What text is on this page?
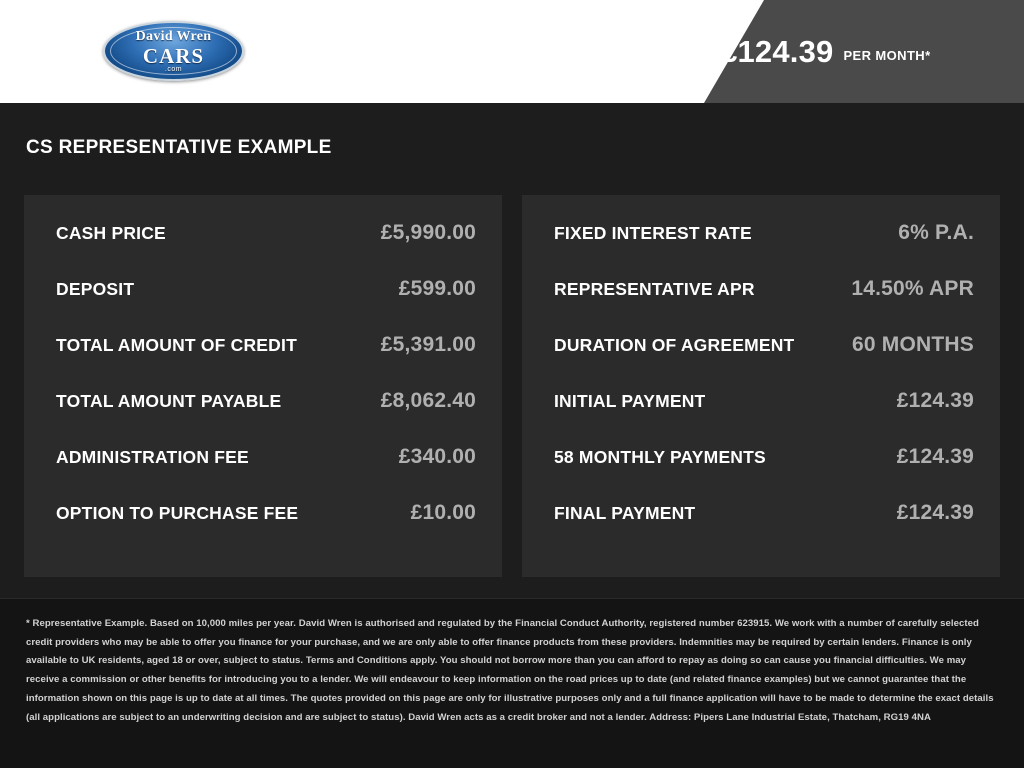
David Wren
CARS
.com
£124.39 PER MONTH*
CS REPRESENTATIVE EXAMPLE
CASH PRICE	£5,990.00
DEPOSIT	£599.00
TOTAL AMOUNT OF CREDIT	£5,391.00
TOTAL AMOUNT PAYABLE	£8,062.40
ADMINISTRATION FEE	£340.00
OPTION TO PURCHASE FEE	£10.00
FIXED INTEREST RATE	6% P.A.
REPRESENTATIVE APR	14.50% APR
DURATION OF AGREEMENT	60 MONTHS
INITIAL PAYMENT	£124.39
58 MONTHLY PAYMENTS	£124.39
FINAL PAYMENT	£124.39

* Representative Example. Based on 10,000 miles per year. David Wren is authorised and regulated by the Financial Conduct Authority, registered number 623915. We work with a number of carefully selected credit providers who may be able to offer you finance for your purchase, and we are only able to offer finance products from these providers. Indemnities may be required by certain lenders. Finance is only available to UK residents, aged 18 or over, subject to status. Terms and Conditions apply. You should not borrow more than you can afford to repay as doing so can cause you financial difficulties. We may receive a commission or other benefits for introducing you to a lender. We will endeavour to keep information on the road prices up to date (and related finance examples) but we cannot guarantee that the information shown on this page is up to date at all times. The quotes provided on this page are only for illustrative purposes only and a full finance application will have to be made to determine the exact details (all applications are subject to an underwriting decision and are subject to status). David Wren acts as a credit broker and not a lender. Address: Pipers Lane Industrial Estate, Thatcham, RG19 4NA
